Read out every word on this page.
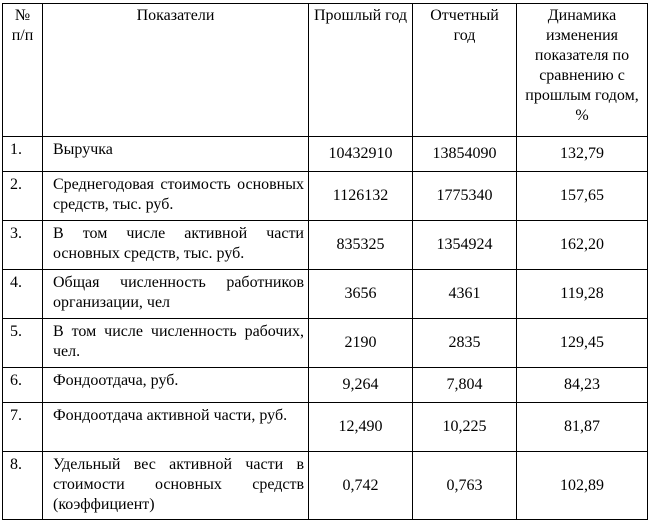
№ п/п	Показатели	Прошлый год	Отчетный год	Динамика изменения показателя по сравнению с прошлым годом, %
1.	Выручка	10432910	13854090	132,79
2.	Среднегодовая стоимость основных средств, тыс. руб.	1126132	1775340	157,65
3.	В том числе активной части основных средств, тыс. руб.	835325	1354924	162,20
4.	Общая численность работников организации, чел	3656	4361	119,28
5.	В том числе численность рабочих, чел.	2190	2835	129,45
6.	Фондоотдача, руб.	9,264	7,804	84,23
7.	Фондоотдача активной части, руб.	12,490	10,225	81,87
8.	Удельный вес активной части в стоимости основных средств (коэффициент)	0,742	0,763	102,89
